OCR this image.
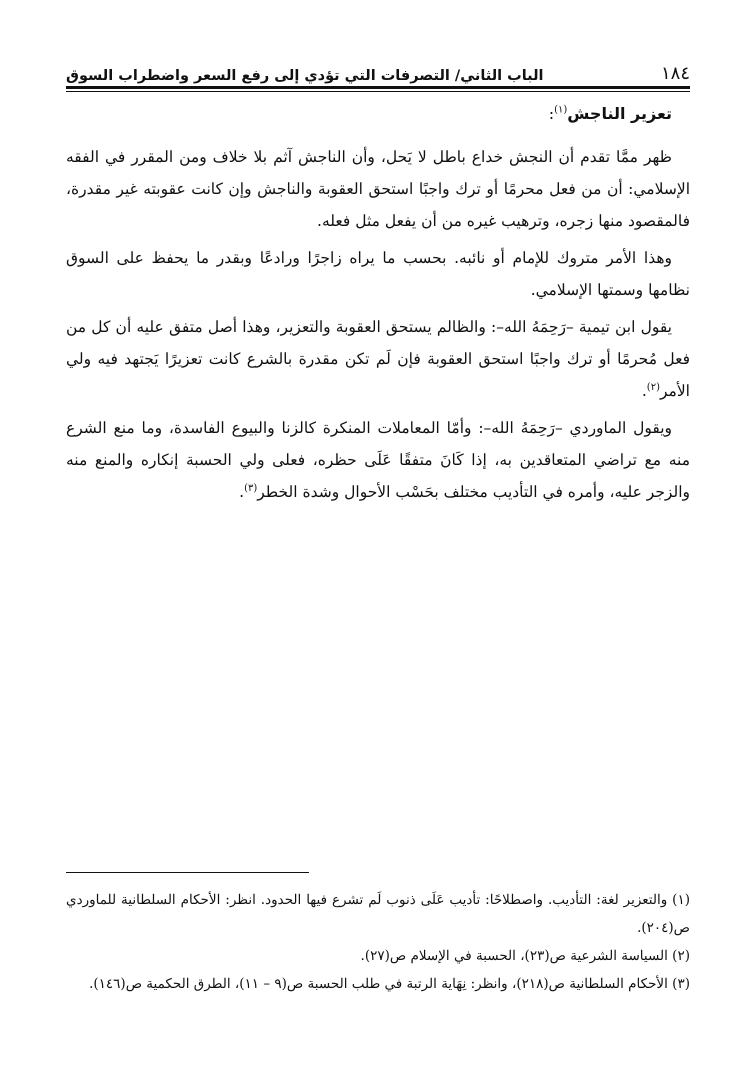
١٨٤
الباب الثاني/ التصرفات التي تؤدي إلى رفع السعر واضطراب السوق
تعزير الناجش$^{(١)}$:

ظهر ممَّا تقدم أن النجش خداع باطل لا يَحل، وأن الناجش آثم بلا خلاف ومن المقرر في الفقه الإسلامي: أن من فعل محرمًا أو ترك واجبًا استحق العقوبة والناجش وإن كانت عقوبته غير مقدرة، فالمقصود منها زجره، وترهيب غيره من أن يفعل مثل فعله.

وهذا الأمر متروك للإمام أو نائبه. بحسب ما يراه زاجرًا ورادعًا وبقدر ما يحفظ على السوق نظامها وسمتها الإسلامي.

يقول ابن تيمية –رَحِمَهُ الله–: والظالم يستحق العقوبة والتعزير، وهذا أصل متفق عليه أن كل من فعل مُحرمًا أو ترك واجبًا استحق العقوبة فإن لَم تكن مقدرة بالشرع كانت تعزيرًا يَجتهد فيه ولي الأمر$^{(٢)}$.

ويقول الماوردي –رَحِمَهُ الله–: وأمّا المعاملات المنكرة كالزنا والبيوع الفاسدة، وما منع الشرع منه مع تراضي المتعاقدين به، إذا كَانَ متفقًا عَلَى حظره، فعلى ولي الحسبة إنكاره والمنع منه والزجر عليه، وأمره في التأديب مختلف بحَسْب الأحوال وشدة الخطر$^{(٣)}$.

(١) والتعزير لغة: التأديب. واصطلاحًا: تأديب عَلَى ذنوب لَم تشرع فيها الحدود. انظر: الأحكام السلطانية للماوردي ص(٢٠٤).

(٢) السياسة الشرعية ص(٢٣)، الحسبة في الإسلام ص(٢٧).

(٣) الأحكام السلطانية ص(٢١٨)، وانظر: نِهَاية الرتبة في طلب الحسبة ص(٩ – ١١)، الطرق الحكمية ص(١٤٦).
